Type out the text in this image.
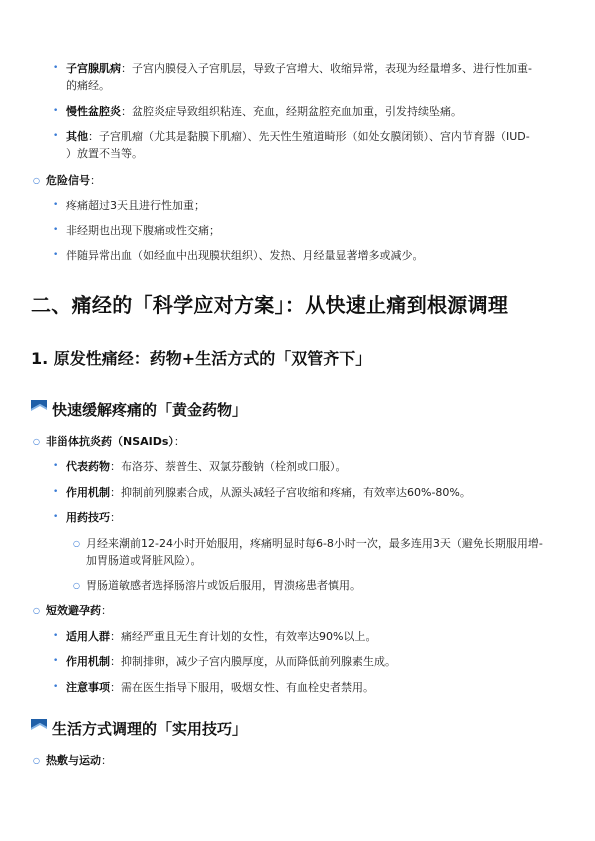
• 子宫腺肌病：子宫内膜侵入子宫肌层，导致子宫增大、收缩异常，表现为经量增多、进行性加重-
的痛经。
• 慢性盆腔炎：盆腔炎症导致组织粘连、充血，经期盆腔充血加重，引发持续坠痛。
• 其他：子宫肌瘤（尤其是黏膜下肌瘤）、先天性生殖道畸形（如处女膜闭锁）、宫内节育器（IUD-
）放置不当等。
○ 危险信号：
• 疼痛超过3天且进行性加重；
• 非经期也出现下腹痛或性交痛；
• 伴随异常出血（如经血中出现膜状组织）、发热、月经量显著增多或减少。
二、痛经的「科学应对方案」：从快速止痛到根源调理
1. 原发性痛经：药物+生活方式的「双管齐下」
快速缓解疼痛的「黄金药物」
○ 非甾体抗炎药（NSAIDs）：
• 代表药物：布洛芬、萘普生、双氯芬酸钠（栓剂或口服）。
• 作用机制：抑制前列腺素合成，从源头减轻子宫收缩和疼痛，有效率达60%-80%。
• 用药技巧：
○ 月经来潮前12-24小时开始服用，疼痛明显时每6-8小时一次，最多连用3天（避免长期服用增-
加胃肠道或肾脏风险）。
○ 胃肠道敏感者选择肠溶片或饭后服用，胃溃疡患者慎用。
○ 短效避孕药：
• 适用人群：痛经严重且无生育计划的女性，有效率达90%以上。
• 作用机制：抑制排卵，减少子宫内膜厚度，从而降低前列腺素生成。
• 注意事项：需在医生指导下服用，吸烟女性、有血栓史者禁用。
生活方式调理的「实用技巧」
○ 热敷与运动：
